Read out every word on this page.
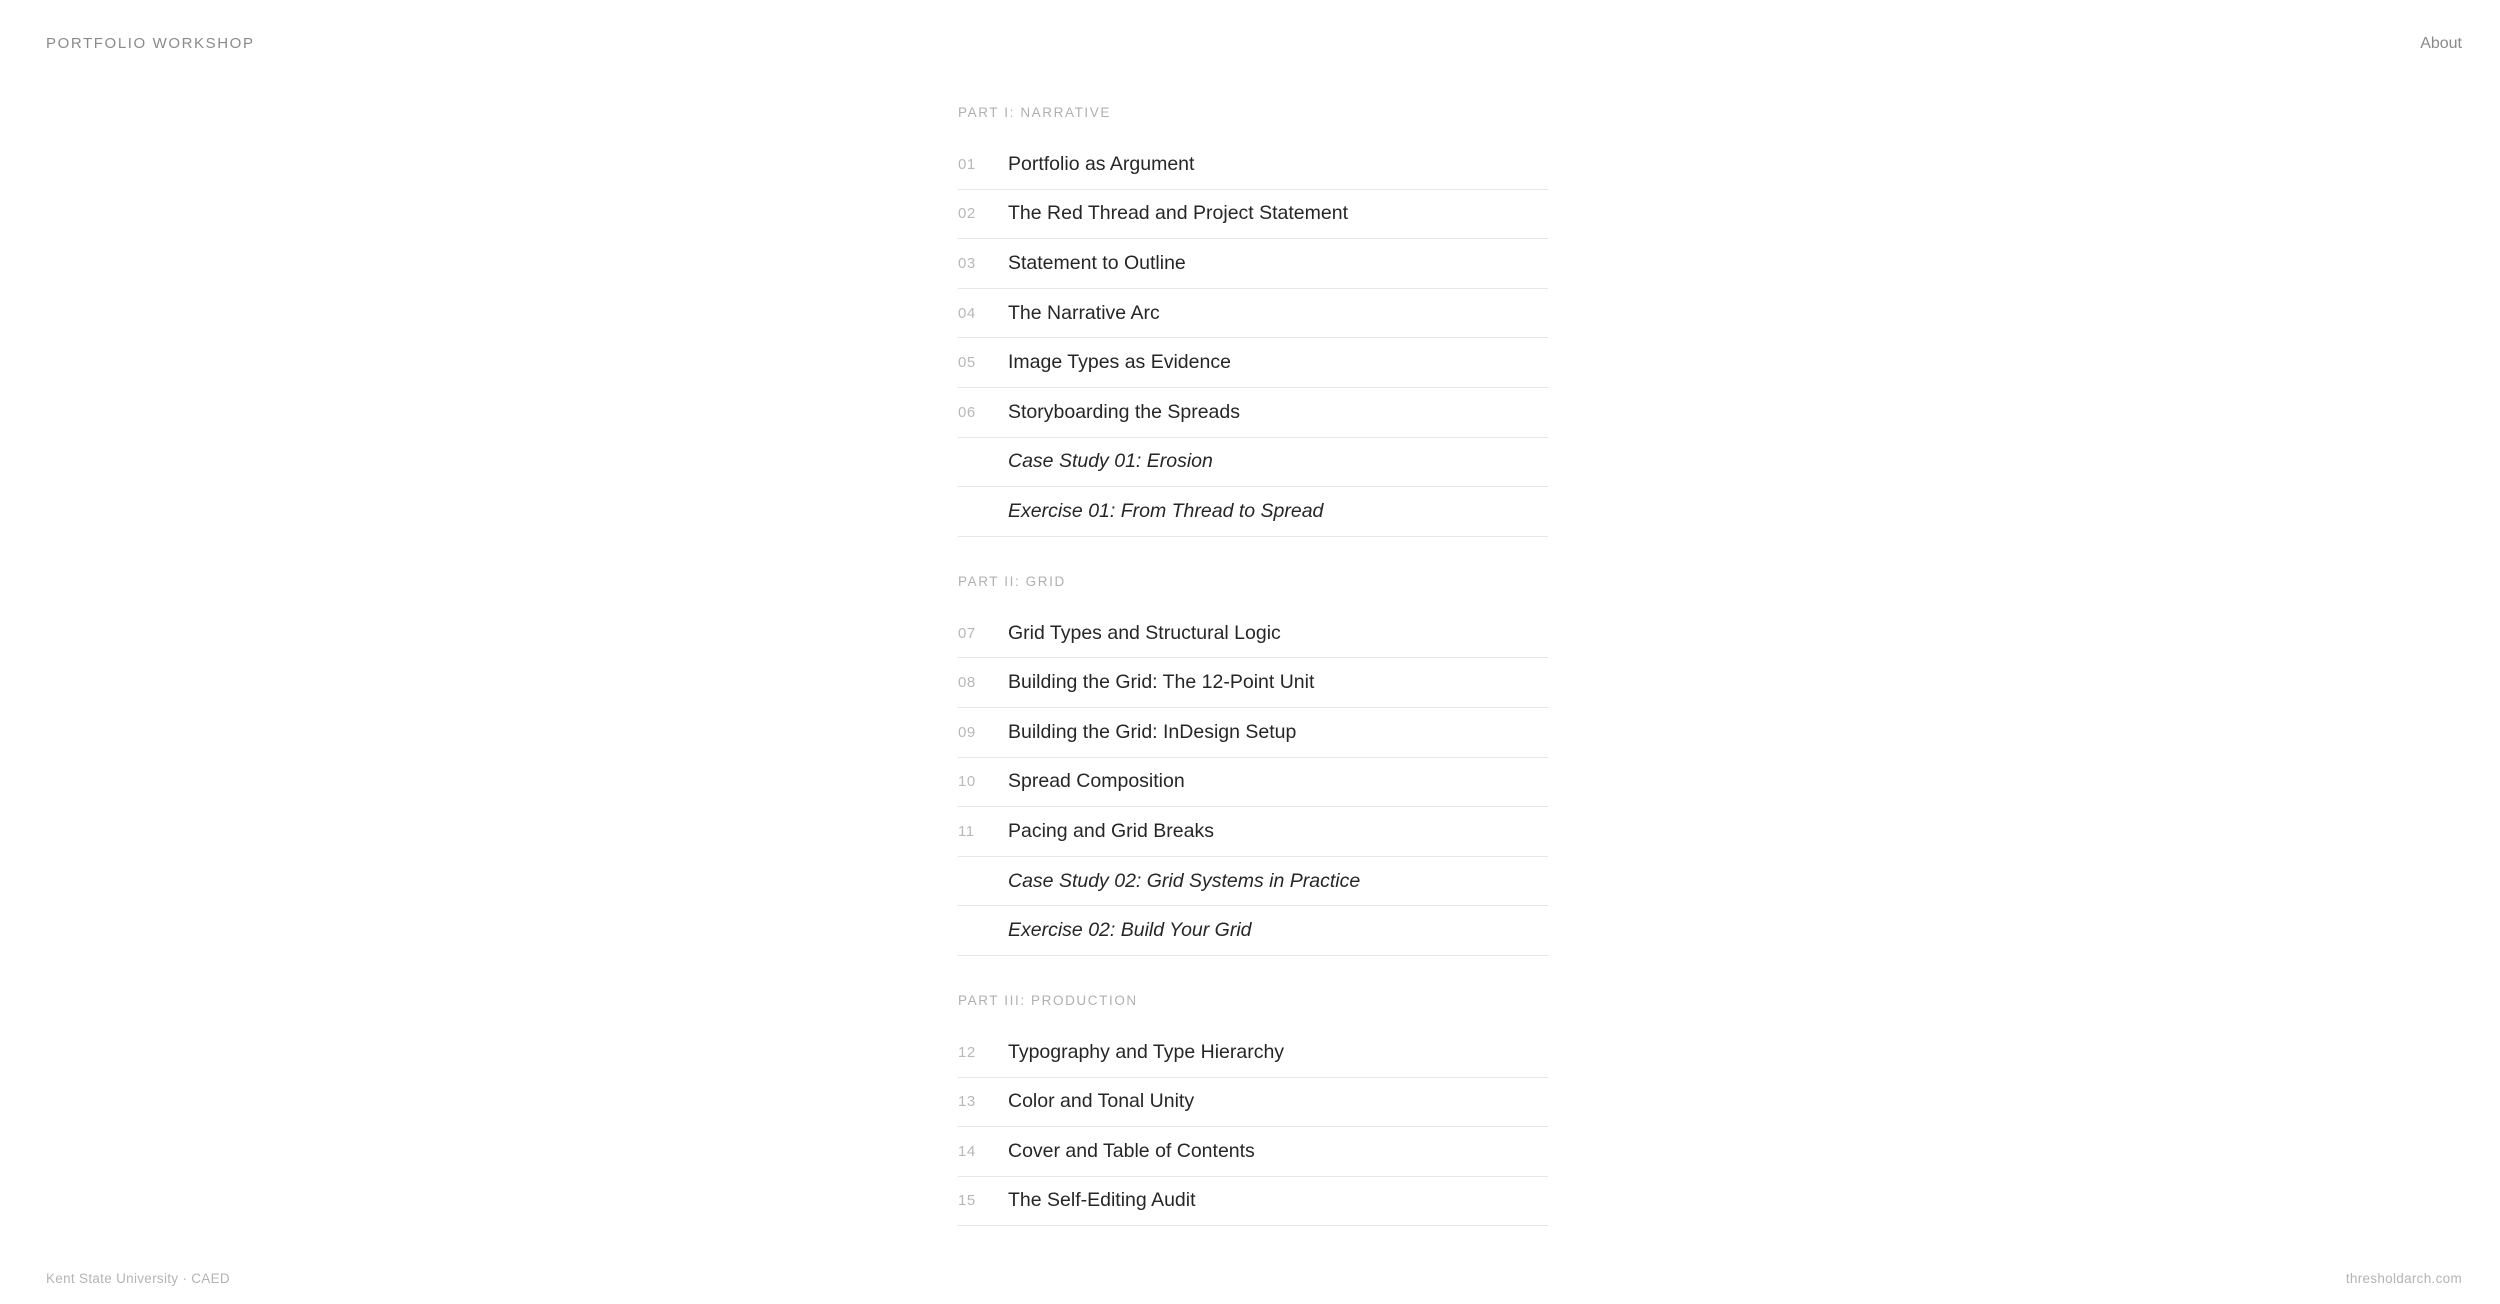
PORTFOLIO WORKSHOP	About
PART I: NARRATIVE
01	Portfolio as Argument
02	The Red Thread and Project Statement
03	Statement to Outline
04	The Narrative Arc
05	Image Types as Evidence
06	Storyboarding the Spreads
Case Study 01: Erosion
Exercise 01: From Thread to Spread
PART II: GRID
07	Grid Types and Structural Logic
08	Building the Grid: The 12-Point Unit
09	Building the Grid: InDesign Setup
10	Spread Composition
11	Pacing and Grid Breaks
Case Study 02: Grid Systems in Practice
Exercise 02: Build Your Grid
PART III: PRODUCTION
12	Typography and Type Hierarchy
13	Color and Tonal Unity
14	Cover and Table of Contents
15	The Self-Editing Audit
Kent State University · CAED	thresholdarch.com
